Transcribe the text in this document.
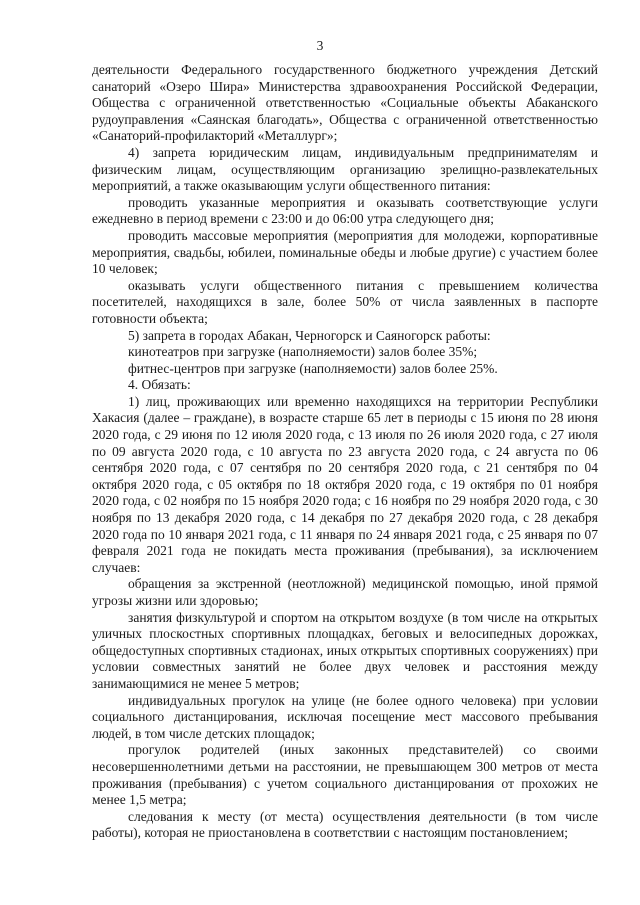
3

деятельности Федерального государственного бюджетного учреждения Детский санаторий «Озеро Шира» Министерства здравоохранения Российской Федерации, Общества с ограниченной ответственностью «Социальные объекты Абаканского рудоуправления «Саянская благодать», Общества с ограниченной ответственностью «Санаторий-профилакторий «Металлург»;

4) запрета юридическим лицам, индивидуальным предпринимателям и физическим лицам, осуществляющим организацию зрелищно-развлекательных мероприятий, а также оказывающим услуги общественного питания:

проводить указанные мероприятия и оказывать соответствующие услуги ежедневно в период времени с 23:00 и до 06:00 утра следующего дня;

проводить массовые мероприятия (мероприятия для молодежи, корпоративные мероприятия, свадьбы, юбилеи, поминальные обеды и любые другие) с участием более 10 человек;

оказывать услуги общественного питания с превышением количества посетителей, находящихся в зале, более 50% от числа заявленных в паспорте готовности объекта;

5) запрета в городах Абакан, Черногорск и Саяногорск работы:

кинотеатров при загрузке (наполняемости) залов более 35%;

фитнес-центров при загрузке (наполняемости) залов более 25%.

4. Обязать:

1) лиц, проживающих или временно находящихся на территории Республики Хакасия (далее – граждане), в возрасте старше 65 лет в периоды с 15 июня по 28 июня 2020 года, с 29 июня по 12 июля 2020 года, с 13 июля по 26 июля 2020 года, с 27 июля по 09 августа 2020 года, с 10 августа по 23 августа 2020 года, с 24 августа по 06 сентября 2020 года, с 07 сентября по 20 сентября 2020 года, с 21 сентября по 04 октября 2020 года, с 05 октября по 18 октября 2020 года, с 19 октября по 01 ноября 2020 года, с 02 ноября по 15 ноября 2020 года; с 16 ноября по 29 ноября 2020 года, с 30 ноября по 13 декабря 2020 года, с 14 декабря по 27 декабря 2020 года, с 28 декабря 2020 года по 10 января 2021 года, с 11 января по 24 января 2021 года, с 25 января по 07 февраля 2021 года не покидать места проживания (пребывания), за исключением случаев:

обращения за экстренной (неотложной) медицинской помощью, иной прямой угрозы жизни или здоровью;

занятия физкультурой и спортом на открытом воздухе (в том числе на открытых уличных плоскостных спортивных площадках, беговых и велосипедных дорожках, общедоступных спортивных стадионах, иных открытых спортивных сооружениях) при условии совместных занятий не более двух человек и расстояния между занимающимися не менее 5 метров;

индивидуальных прогулок на улице (не более одного человека) при условии социального дистанцирования, исключая посещение мест массового пребывания людей, в том числе детских площадок;

прогулок родителей (иных законных представителей) со своими несовершеннолетними детьми на расстоянии, не превышающем 300 метров от места проживания (пребывания) с учетом социального дистанцирования от прохожих не менее 1,5 метра;

следования к месту (от места) осуществления деятельности (в том числе работы), которая не приостановлена в соответствии с настоящим постановлением;
